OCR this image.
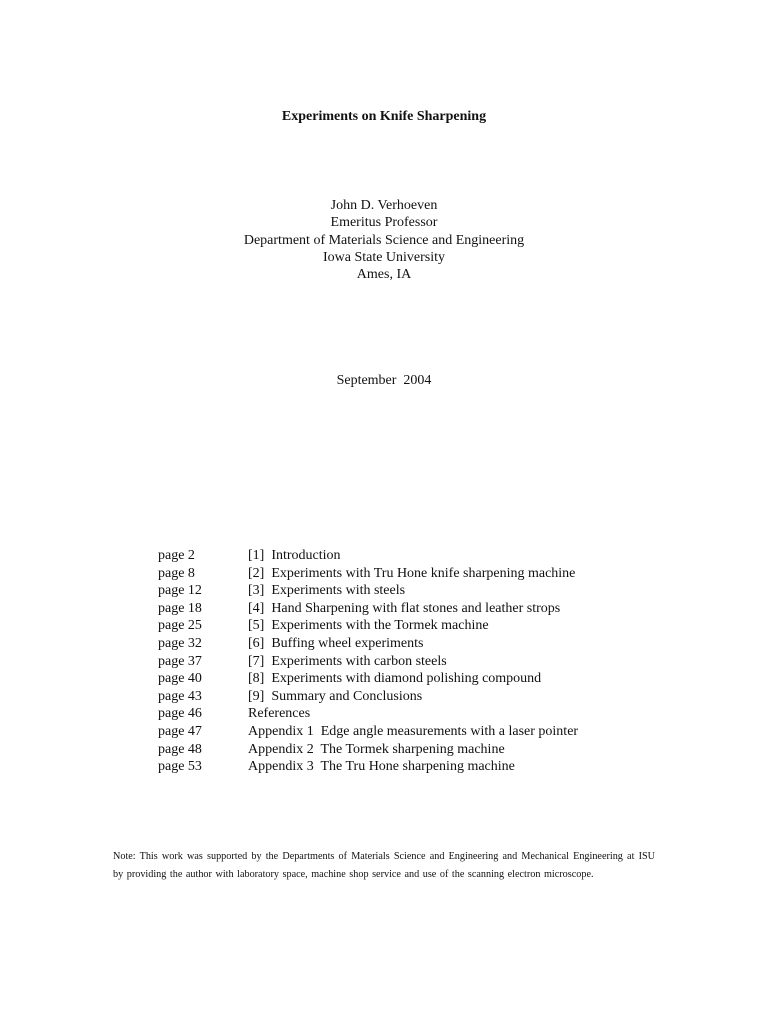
Experiments on Knife Sharpening
John D. Verhoeven
Emeritus Professor
Department of Materials Science and Engineering
Iowa State University
Ames, IA
September  2004

page 2

	[1]  Introduction

page 8

	[2]  Experiments with Tru Hone knife sharpening machine

page 12

	[3]  Experiments with steels

page 18

	[4]  Hand Sharpening with flat stones and leather strops

page 25

	[5]  Experiments with the Tormek machine

page 32

	[6]  Buffing wheel experiments

page 37

	[7]  Experiments with carbon steels

page 40

	[8]  Experiments with diamond polishing compound

page 43

	[9]  Summary and Conclusions

page 46

	References

page 47

	Appendix 1  Edge angle measurements with a laser pointer

page 48

	Appendix 2  The Tormek sharpening machine

page 53

	Appendix 3  The Tru Hone sharpening machine

Note: This work was supported by the Departments of Materials Science and Engineering and Mechanical Engineering at ISU by providing the author with laboratory space, machine shop service and use of the scanning electron microscope.
